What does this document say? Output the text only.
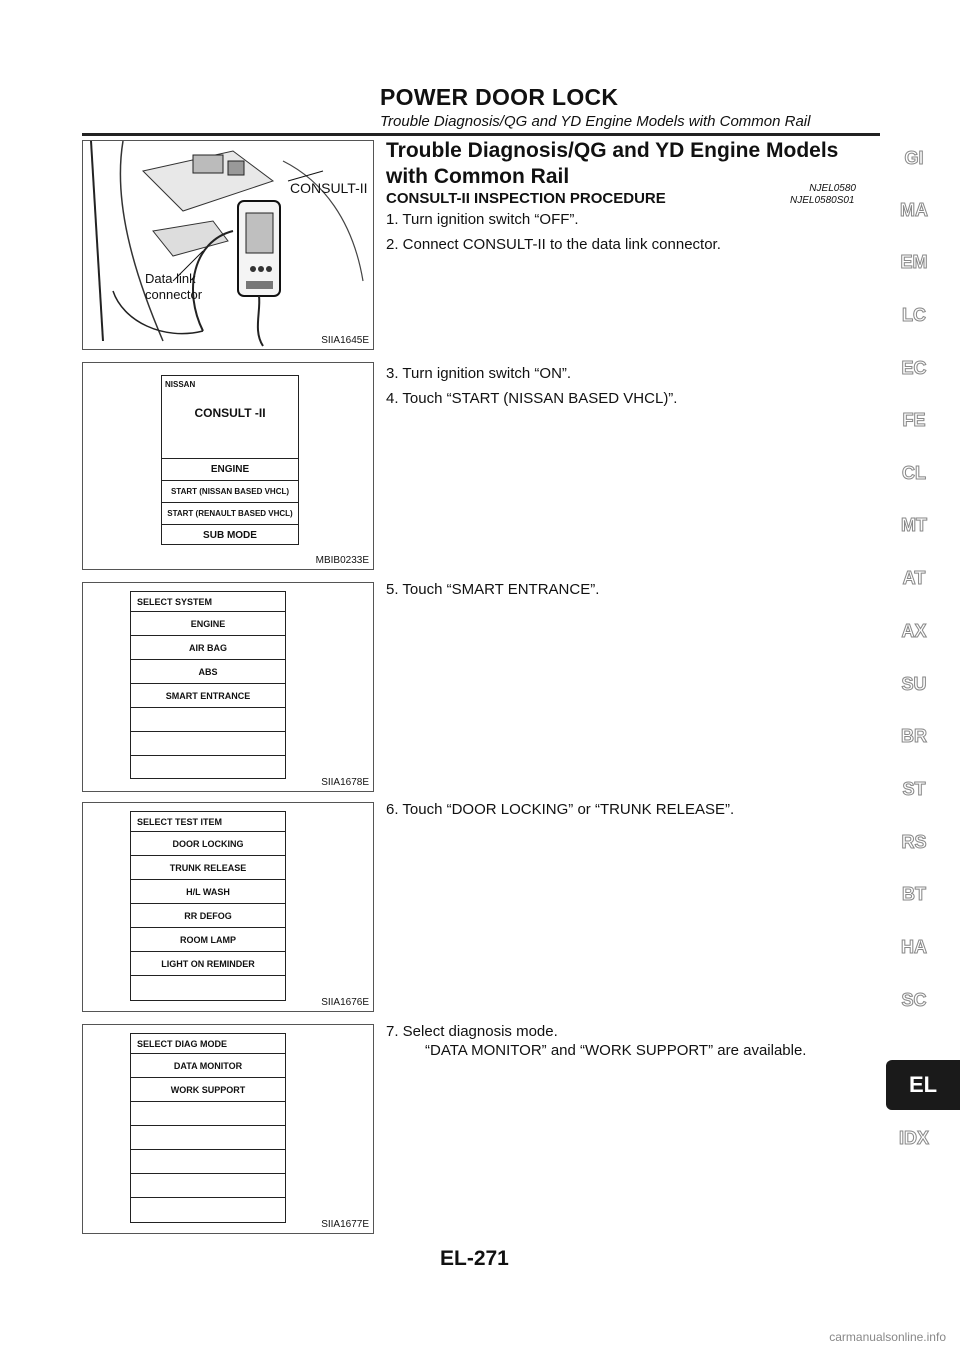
POWER DOOR LOCK
Trouble Diagnosis/QG and YD Engine Models with Common Rail
CONSULT-II
Data link
connector
SIIA1645E
NISSAN
CONSULT -II
ENGINE
START (NISSAN BASED VHCL)
START (RENAULT BASED VHCL)
SUB MODE
MBIB0233E
SELECT SYSTEM
ENGINE
AIR BAG
ABS
SMART ENTRANCE
SIIA1678E
SELECT TEST ITEM
DOOR LOCKING
TRUNK RELEASE
H/L WASH
RR DEFOG
ROOM LAMP
LIGHT ON REMINDER
SIIA1676E
SELECT DIAG MODE
DATA MONITOR
WORK SUPPORT
SIIA1677E
Trouble Diagnosis/QG and YD Engine Models
with Common Rail
NJEL0580
CONSULT-II INSPECTION PROCEDURE	NJEL0580S01
1. Turn ignition switch “OFF”.
2. Connect CONSULT-II to the data link connector.
3. Turn ignition switch “ON”.
4. Touch “START (NISSAN BASED VHCL)”.
5. Touch “SMART ENTRANCE”.
6. Touch “DOOR LOCKING” or “TRUNK RELEASE”.
7. Select diagnosis mode.
“DATA MONITOR” and “WORK SUPPORT” are available.
GI
MA
EM
LC
EC
FE
CL
MT
AT
AX
SU
BR
ST
RS
BT
HA
SC
IDX
EL
EL-271
carmanualsonline.info
